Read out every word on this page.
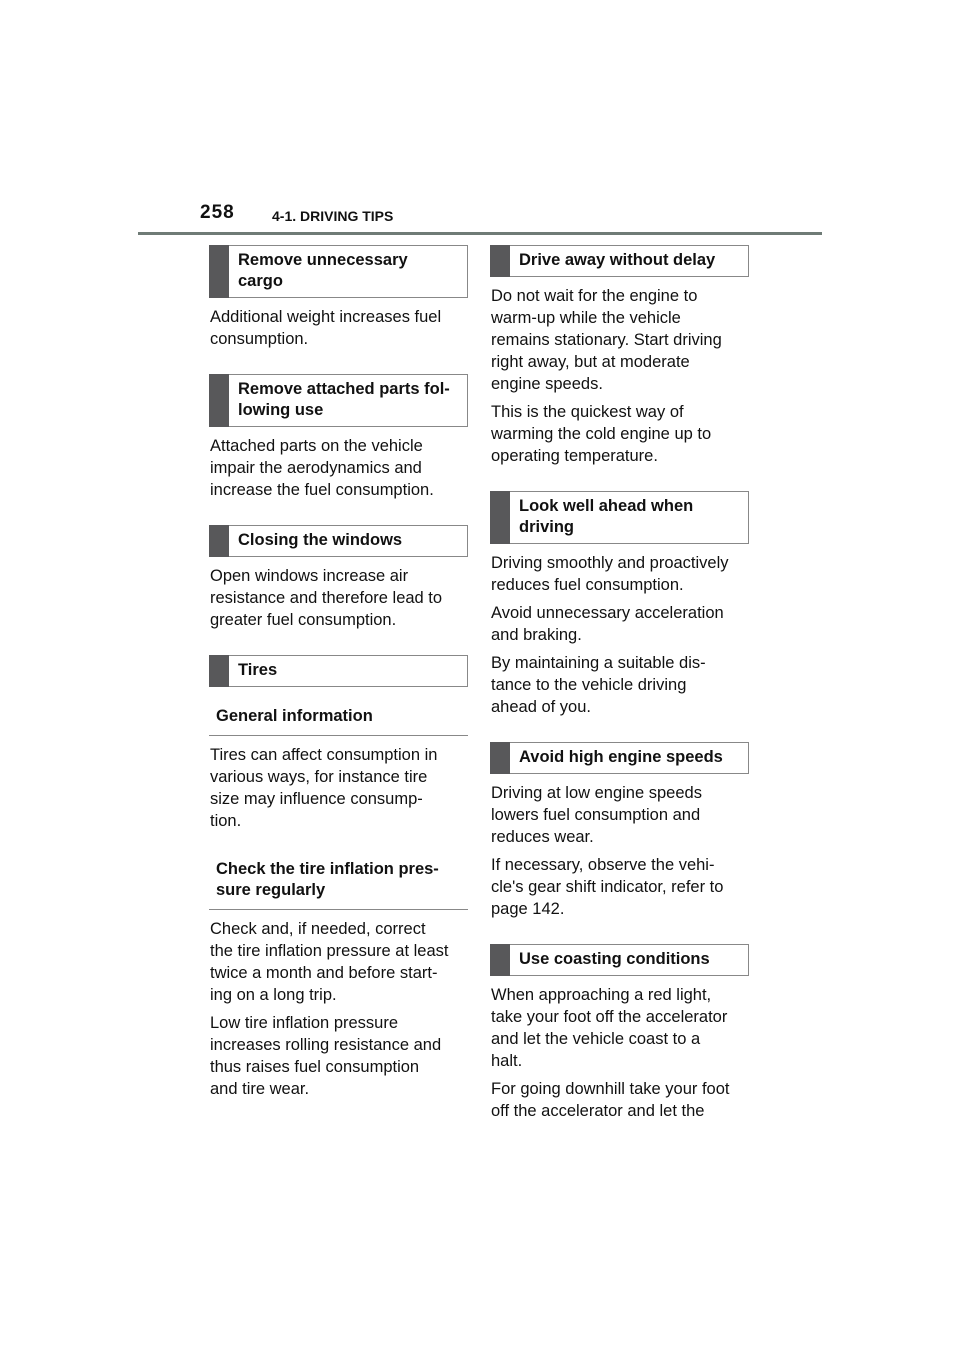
258	4-1. DRIVING TIPS
Remove unnecessary
cargo
Additional weight increases fuel
consumption.
Remove attached parts fol-
lowing use
Attached parts on the vehicle
impair the aerodynamics and
increase the fuel consumption.
Closing the windows
Open windows increase air
resistance and therefore lead to
greater fuel consumption.
Tires
General information
Tires can affect consumption in
various ways, for instance tire
size may influence consump-
tion.
Check the tire inflation pres-
sure regularly
Check and, if needed, correct
the tire inflation pressure at least
twice a month and before start-
ing on a long trip.
Low tire inflation pressure
increases rolling resistance and
thus raises fuel consumption
and tire wear.
Drive away without delay
Do not wait for the engine to
warm-up while the vehicle
remains stationary. Start driving
right away, but at moderate
engine speeds.
This is the quickest way of
warming the cold engine up to
operating temperature.
Look well ahead when
driving
Driving smoothly and proactively
reduces fuel consumption.
Avoid unnecessary acceleration
and braking.
By maintaining a suitable dis-
tance to the vehicle driving
ahead of you.
Avoid high engine speeds
Driving at low engine speeds
lowers fuel consumption and
reduces wear.
If necessary, observe the vehi-
cle's gear shift indicator, refer to
page 142.
Use coasting conditions
When approaching a red light,
take your foot off the accelerator
and let the vehicle coast to a
halt.
For going downhill take your foot
off the accelerator and let the
